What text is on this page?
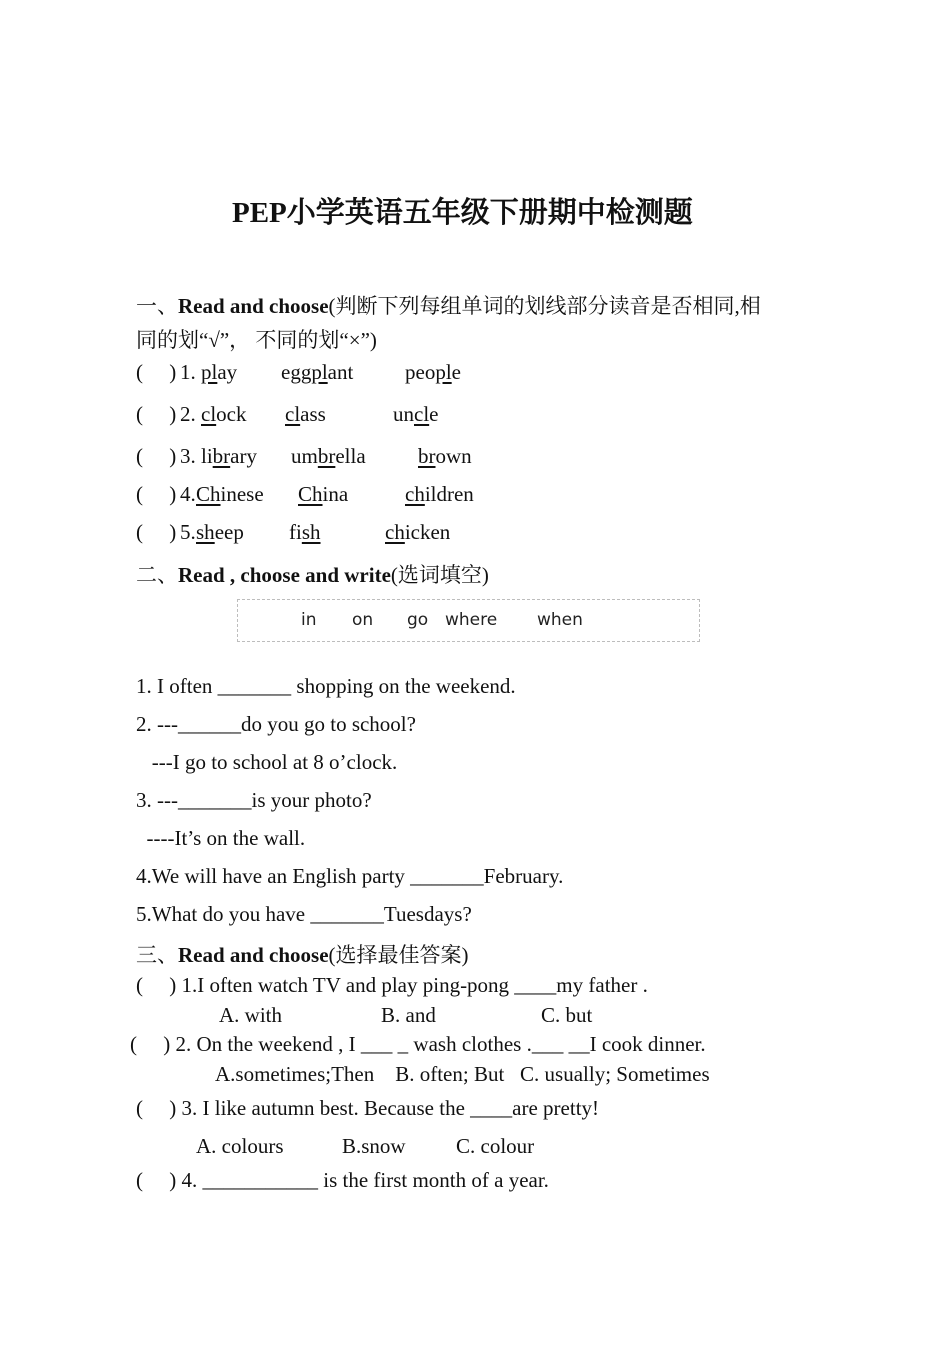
PEP小学英语五年级下册期中检测题
一、Read and choose(判断下列每组单词的划线部分读音是否相同,相
同的划“√”， 不同的划“×”)
(     ) 1. play eggplant people
(     ) 2. clock class	uncle
(     ) 3. library umbrella brown
(     ) 4. Chinese China	children
(     ) 5. sheep fish	chicken
二、Read , choose and write(选词填空)
in on go where when
1. I often _______ shopping on the weekend.
2. ---______do you go to school?
---I go to school at 8 o’clock.
3. ---_______is your photo?
----It’s on the wall.
4.We will have an English party _______February.
5.What do you have _______Tuesdays?
三、Read and choose(选择最佳答案)
(     ) 1.I often watch TV and play ping-pong ____my father .
A. with	B. and	C. but
(     ) 2. On the weekend , I ___ _ wash clothes .___ __I cook dinner.
A.sometimes;Then    B. often; But   C. usually; Sometimes
(     ) 3. I like autumn best. Because the ____are pretty!
A. colours	B.snow C. colour
(     ) 4. ___________ is the first month of a year.
